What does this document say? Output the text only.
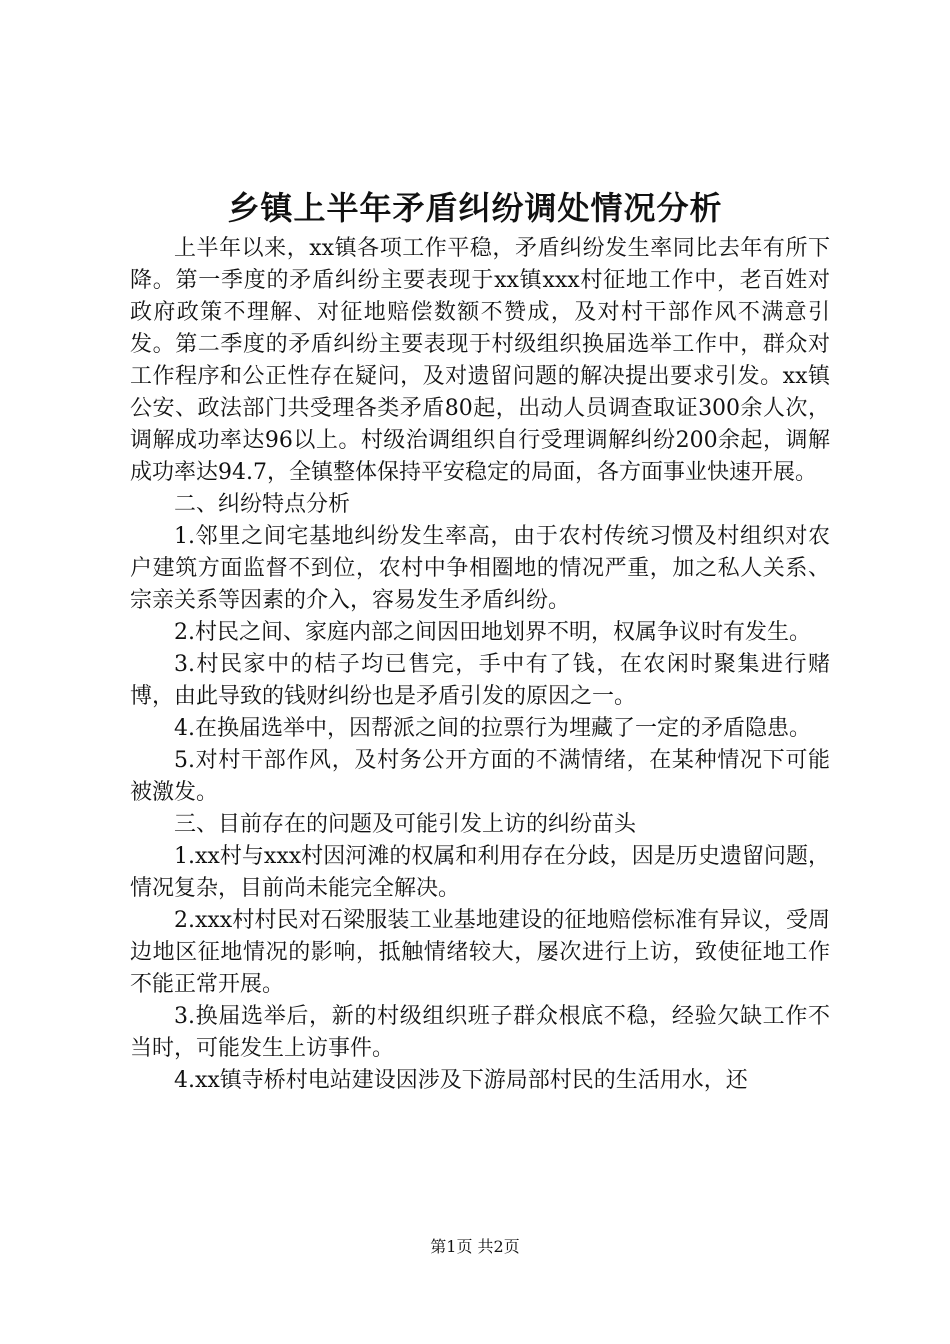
乡镇上半年矛盾纠纷调处情况分析

上半年以来，xx镇各项工作平稳，矛盾纠纷发生率同比去年有所下降。第一季度的矛盾纠纷主要表现于xx镇xxx村征地工作中，老百姓对政府政策不理解、对征地赔偿数额不赞成，及对村干部作风不满意引发。第二季度的矛盾纠纷主要表现于村级组织换届选举工作中，群众对工作程序和公正性存在疑问，及对遗留问题的解决提出要求引发。xx镇公安、政法部门共受理各类矛盾80起，出动人员调查取证300余人次，调解成功率达96以上。村级治调组织自行受理调解纠纷200余起，调解成功率达94.7，全镇整体保持平安稳定的局面，各方面事业快速开展。

二、纠纷特点分析

1.邻里之间宅基地纠纷发生率高，由于农村传统习惯及村组织对农户建筑方面监督不到位，农村中争相圈地的情况严重，加之私人关系、宗亲关系等因素的介入，容易发生矛盾纠纷。

2.村民之间、家庭内部之间因田地划界不明，权属争议时有发生。

3.村民家中的桔子均已售完，手中有了钱，在农闲时聚集进行赌博，由此导致的钱财纠纷也是矛盾引发的原因之一。

4.在换届选举中，因帮派之间的拉票行为埋藏了一定的矛盾隐患。

5.对村干部作风，及村务公开方面的不满情绪，在某种情况下可能被激发。

三、目前存在的问题及可能引发上访的纠纷苗头

1.xx村与xxx村因河滩的权属和利用存在分歧，因是历史遗留问题，情况复杂，目前尚未能完全解决。

2.xxx村村民对石梁服装工业基地建设的征地赔偿标准有异议，受周边地区征地情况的影响，抵触情绪较大，屡次进行上访，致使征地工作不能正常开展。

3.换届选举后，新的村级组织班子群众根底不稳，经验欠缺工作不当时，可能发生上访事件。

4.xx镇寺桥村电站建设因涉及下游局部村民的生活用水，还

第1页 共2页
